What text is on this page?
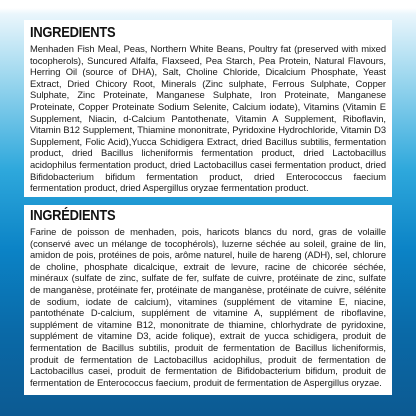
INGREDIENTS

Menhaden Fish Meal, Peas, Northern White Beans, Poultry fat (preserved with mixed tocopherols), Suncured Alfalfa, Flaxseed, Pea Starch, Pea Protein, Natural Flavours, Herring Oil (source of DHA), Salt, Choline Chloride, Dicalcium Phosphate, Yeast Extract, Dried Chicory Root, Minerals (Zinc sulphate, Ferrous Sulphate, Copper Sulphate, Zinc Proteinate, Manganese Sulphate, Iron Proteinate, Manganese Proteinate, Copper Proteinate Sodium Selenite, Calcium iodate), Vitamins (Vitamin E Supplement, Niacin, d-Calcium Pantothenate, Vitamin A Supplement, Riboflavin, Vitamin B12 Supplement, Thiamine mononitrate, Pyridoxine Hydrochloride, Vitamin D3 Supplement, Folic Acid),Yucca Schidigera Extract, dried Bacillus subtilis, fermentation product, dried Bacillus licheniformis fermentation product, dried Lactobacillus acidophilus fermentation product, dried Lactobacillus casei fermentation product, dried Bifidobacterium bifidum fermentation product, dried Enterococcus faecium fermentation product, dried Aspergillus oryzae fermentation product.

INGRÉDIENTS

Farine de poisson de menhaden, pois, haricots blancs du nord, gras de volaille (conservé avec un mélange de tocophérols), luzerne séchée au soleil, graine de lin, amidon de pois, protéines de pois, arôme naturel, huile de hareng (ADH), sel, chlorure de choline, phosphate dicalcique, extrait de levure, racine de chicorée séchée, minéraux (sulfate de zinc, sulfate de fer, sulfate de cuivre, protéinate de zinc, sulfate de manganèse, protéinate fer, protéinate de manganèse, protéinate de cuivre, sélénite de sodium, iodate de calcium), vitamines (supplément de vitamine E, niacine, pantothénate D-calcium, supplément de vitamine A, supplément de riboflavine, supplément de vitamine B12, mononitrate de thiamine, chlorhydrate de pyridoxine, supplément de vitamine D3, acide folique), extrait de yucca schidigera, produit de fermentation de Bacillus subtilis, produit de fermentation de Bacillus licheniformis, produit de fermentation de Lactobacillus acidophilus, produit de fermentation de Lactobacillus casei, produit de fermentation de Bifidobacterium bifidum, produit de fermentation de Enterococcus faecium, produit de fermentation de Aspergillus oryzae.
